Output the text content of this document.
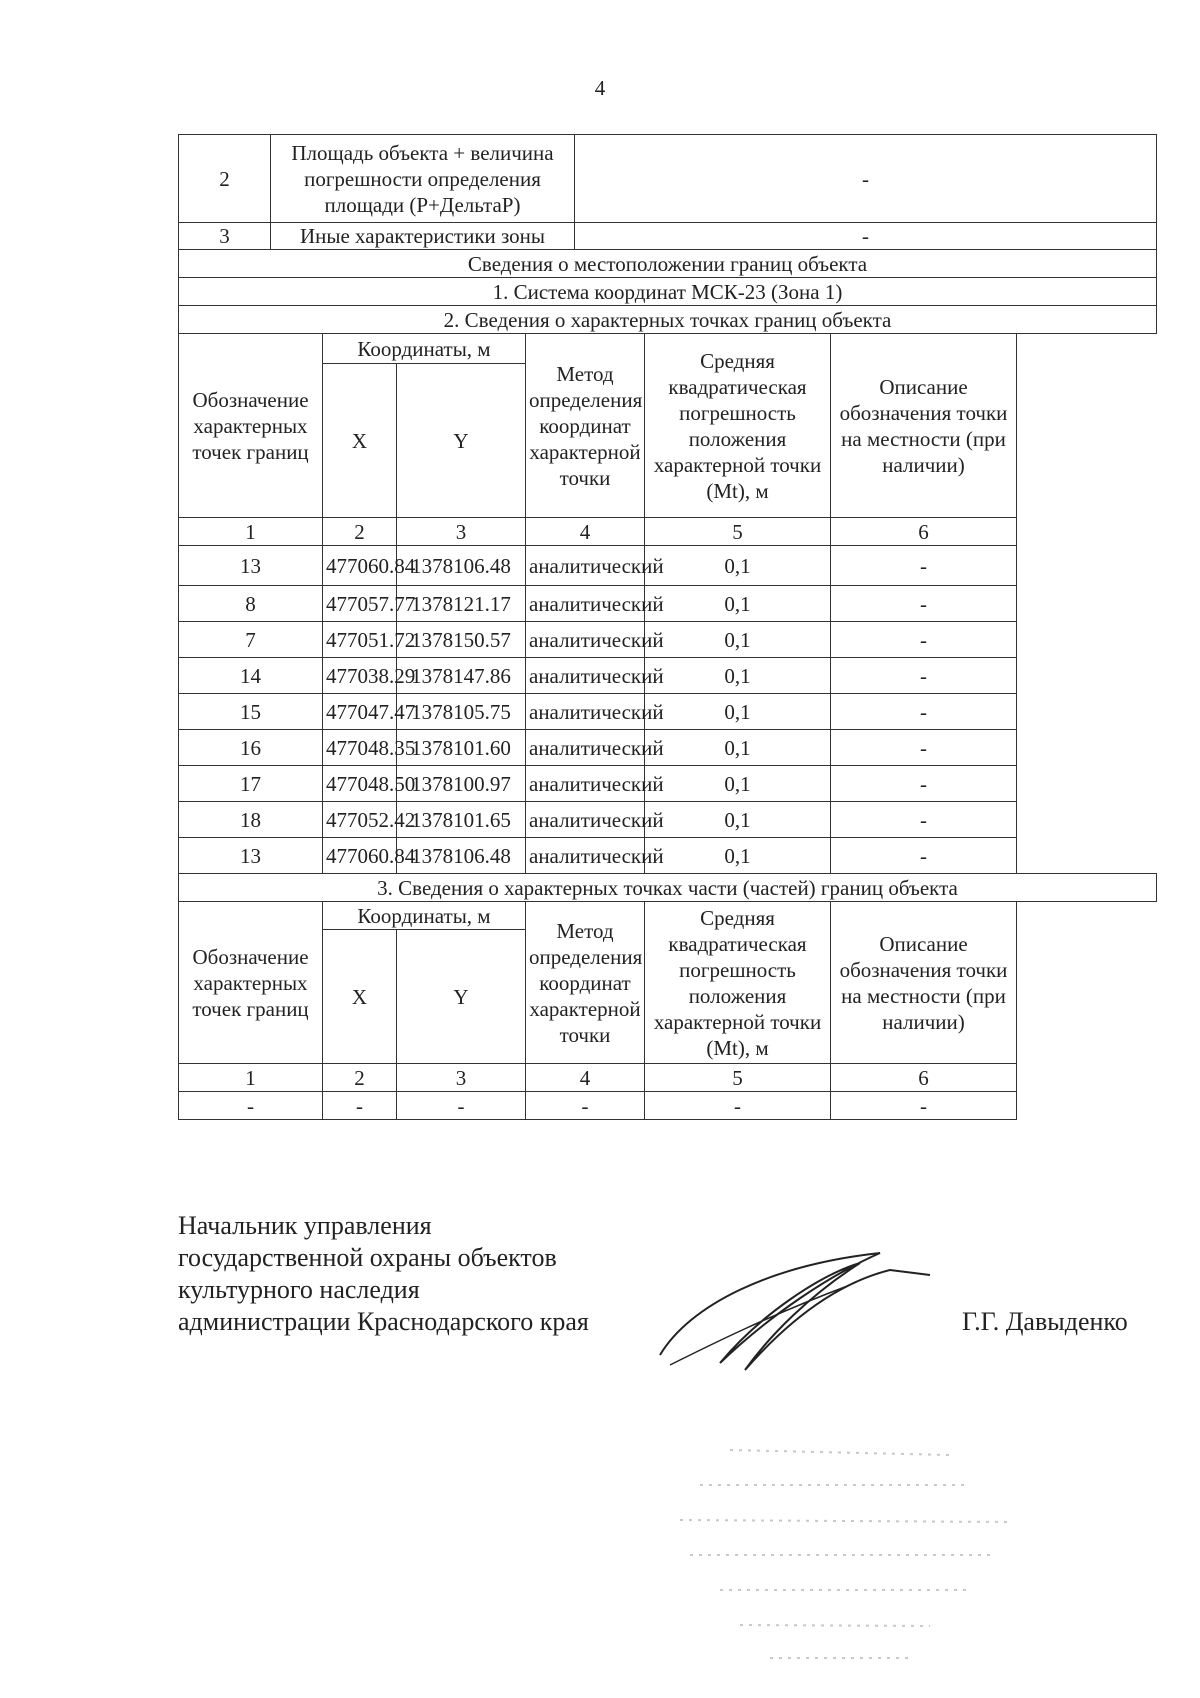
4
2	Площадь объекта + величина погрешности определения площади (P+ДельтаP)				-			
3	Иные характеристики зоны				-			
Сведения о местоположении границ объекта								
1. Система координат МСК-23 (Зона 1)								
2. Сведения о характерных точках границ объекта								
Обозначение характерных точек границ		Координаты, м		Метод определения координат характерной точки		Средняя квадратическая погрешность положения характерной точки (Mt), м	Описание обозначения точки на местности (при наличии)	
		X	Y					
1		2	3	4		5	6	
13		477060.84	1378106.48	аналитический		0,1	-	
8		477057.77	1378121.17	аналитический		0,1	-	
7		477051.72	1378150.57	аналитический		0,1	-	
14		477038.29	1378147.86	аналитический		0,1	-	
15		477047.47	1378105.75	аналитический		0,1	-	
16		477048.35	1378101.60	аналитический		0,1	-	
17		477048.50	1378100.97	аналитический		0,1	-	
18		477052.42	1378101.65	аналитический		0,1	-	
13		477060.84	1378106.48	аналитический		0,1	-	
3. Сведения о характерных точках части (частей) границ объекта								
Обозначение характерных точек границ		Координаты, м		Метод определения координат характерной точки		Средняя квадратическая погрешность положения характерной точки (Mt), м	Описание обозначения точки на местности (при наличии)	
		X	Y					
1		2	3	4		5	6	
-		-	-	-		-	-	
Начальник управления
государственной охраны объектов
культурного наследия
администрации Краснодарского края	Г.Г. Давыденко
